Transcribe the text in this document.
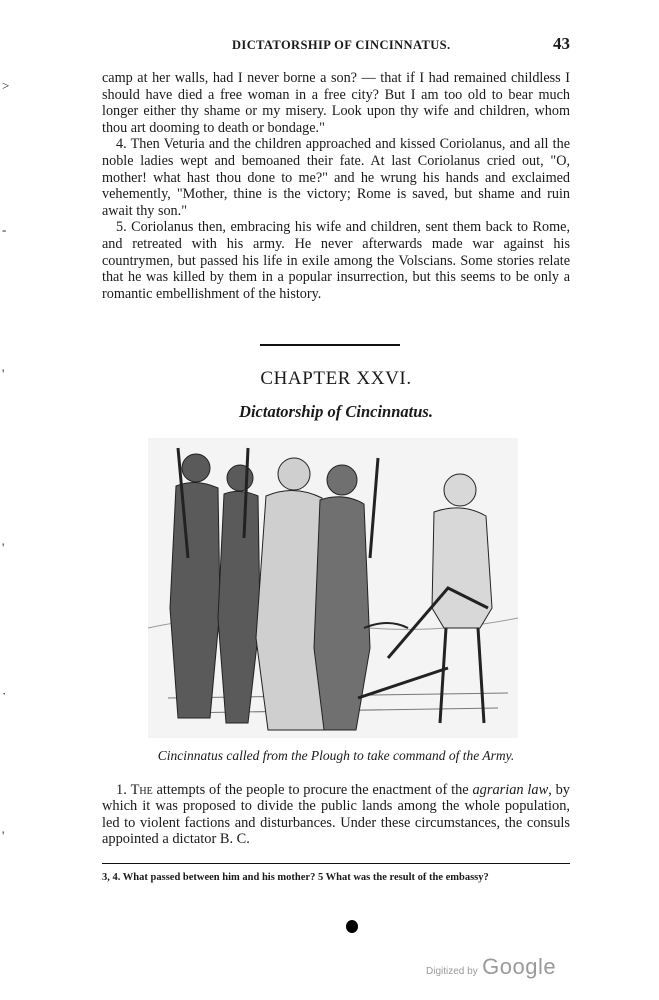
DICTATORSHIP OF CINCINNATUS.	43
>
-
'
'
·
'

camp at her walls, had I never borne a son? — that if I had remained childless I should have died a free woman in a free city? But I am too old to bear much longer either thy shame or my misery. Look upon thy wife and children, whom thou art dooming to death or bondage."

4. Then Veturia and the children approached and kissed Coriolanus, and all the noble ladies wept and bemoaned their fate. At last Coriolanus cried out, "O, mother! what hast thou done to me?" and he wrung his hands and exclaimed vehemently, "Mother, thine is the victory; Rome is saved, but shame and ruin await thy son."

5. Coriolanus then, embracing his wife and children, sent them back to Rome, and retreated with his army. He never afterwards made war against his countrymen, but passed his life in exile among the Volscians. Some stories relate that he was killed by them in a popular insurrection, but this seems to be only a romantic embellishment of the history.

CHAPTER XXVI.
Dictatorship of Cincinnatus.
Cincinnatus called from the Plough to take command of the Army.

1. The attempts of the people to procure the enactment of the agrarian law, by which it was proposed to divide the public lands among the whole population, led to violent factions and disturbances. Under these circumstances, the consuls appointed a dictator B. C.

3, 4. What passed between him and his mother? 5 What was the result of the embassy?
Digitized by Google
